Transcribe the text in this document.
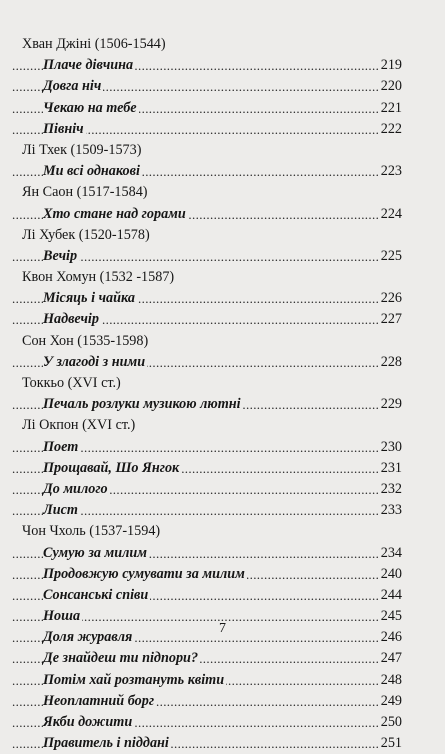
Хван Джіні (1506-1544)
.....
Плаче дівчина	219
.....
Довга ніч	220
.....
Чекаю на тебе	221
.....
Північ	222
Лі Тхек (1509-1573)
.....
Ми всі однакові	223
Ян Саон (1517-1584)
.....
Хто стане над горами	224
Лі Хубек (1520-1578)
.....
Вечір	225
Квон Хомун (1532 -1587)
.....
Місяць і чайка	226
.....
Надвечір	227
Сон Хон (1535-1598)
.....
У злагоді з ними	228
Токкьо (XVI ст.)
.....
Печаль розлуки музикою лютні	229
Лі Окпон (XVI ст.)
.....
Поет	230
.....
Прощавай, Шо Янгок	231
.....
До милого	232
.....
Лист	233
Чон Чхоль (1537-1594)
.....
Сумую за милим	234
.....
Продовжую сумувати за милим	240
.....
Сонсанські співи	244
.....
Ноша	245
.....
Доля журавля	246
.....
Де знайдеш ти підпори?	247
.....
Потім хай розтануть квіти	248
.....
Неоплатний борг	249
.....
Якби дожити	250
.....
Правитель і піддані	251
7
